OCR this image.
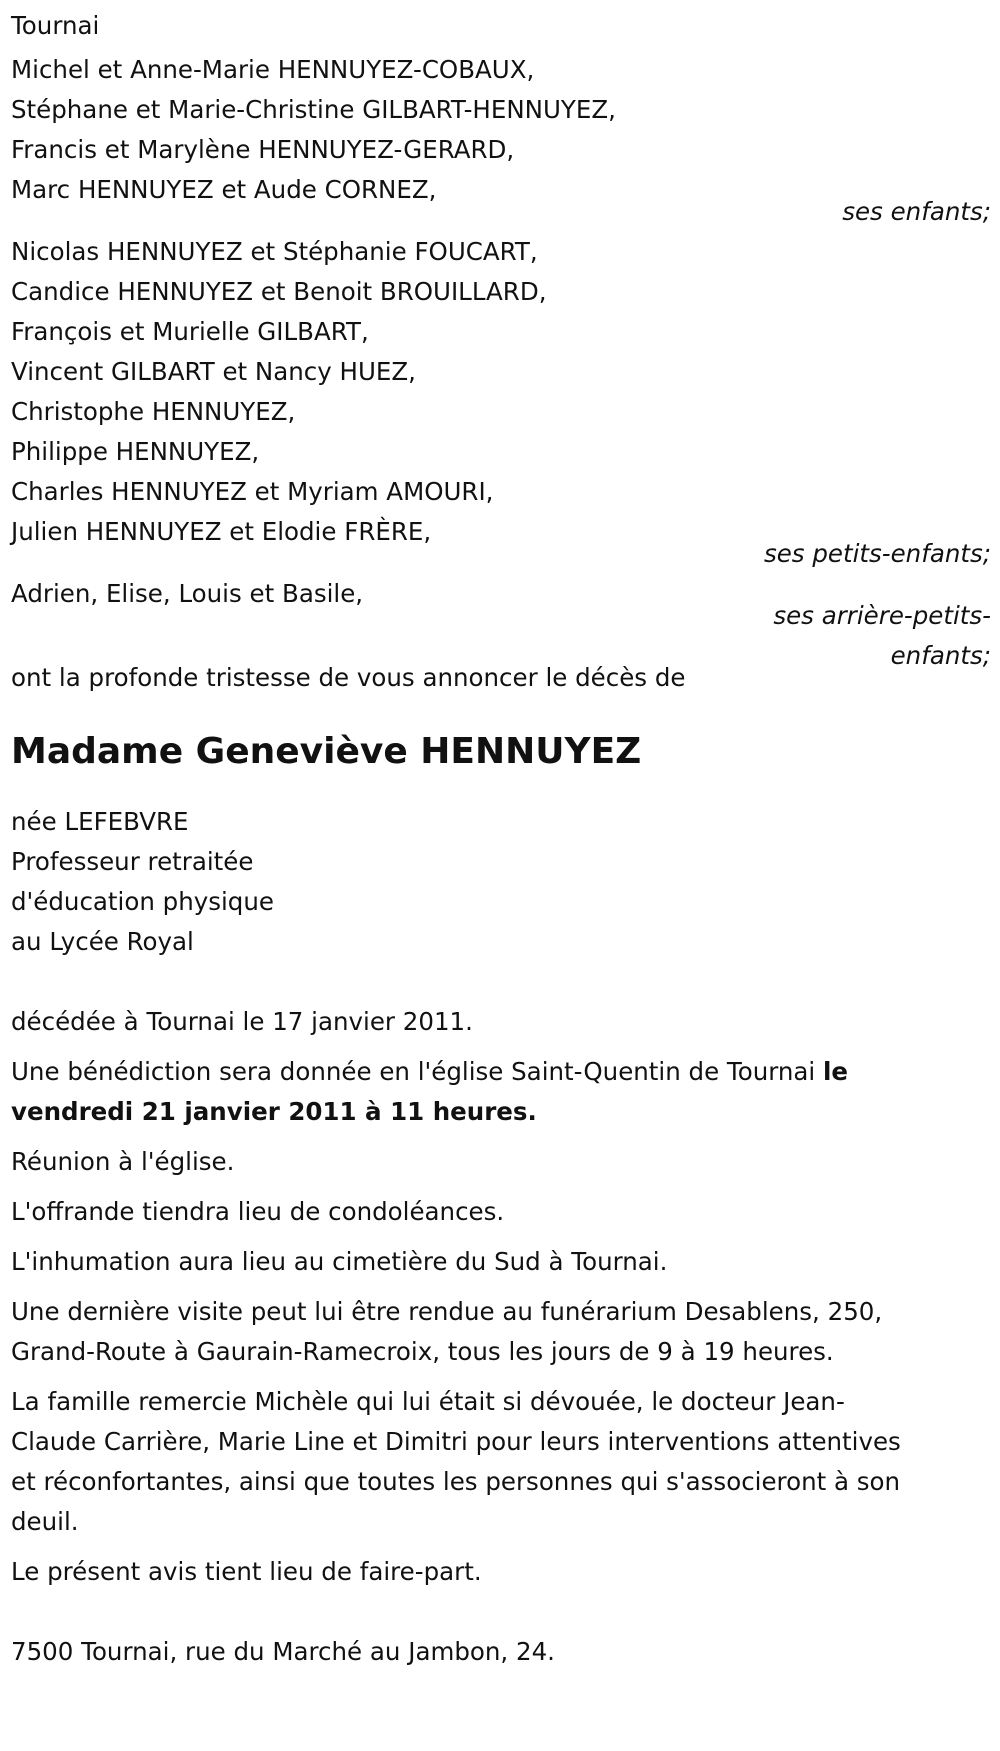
Tournai
Michel et Anne-Marie HENNUYEZ-COBAUX,
Stéphane et Marie-Christine GILBART-HENNUYEZ,
Francis et Marylène HENNUYEZ-GERARD,
Marc HENNUYEZ et Aude CORNEZ,
ses enfants;
Nicolas HENNUYEZ et Stéphanie FOUCART,
Candice HENNUYEZ et Benoit BROUILLARD,
François et Murielle GILBART,
Vincent GILBART et Nancy HUEZ,
Christophe HENNUYEZ,
Philippe HENNUYEZ,
Charles HENNUYEZ et Myriam AMOURI,
Julien HENNUYEZ et Elodie FRÈRE,
ses petits-enfants;
Adrien, Elise, Louis et Basile,
ses arrière-petits-
enfants;
ont la profonde tristesse de vous annoncer le décès de
Madame Geneviève HENNUYEZ
née LEFEBVRE
Professeur retraitée
d'éducation physique
au Lycée Royal
décédée à Tournai le 17 janvier 2011.
Une bénédiction sera donnée en l'église Saint-Quentin de Tournai le vendredi 21 janvier 2011 à 11 heures.
Réunion à l'église.
L'offrande tiendra lieu de condoléances.
L'inhumation aura lieu au cimetière du Sud à Tournai.
Une dernière visite peut lui être rendue au funérarium Desablens, 250, Grand-Route à Gaurain-Ramecroix, tous les jours de 9 à 19 heures.
La famille remercie Michèle qui lui était si dévouée, le docteur Jean-Claude Carrière, Marie Line et Dimitri pour leurs interventions attentives et réconfortantes, ainsi que toutes les personnes qui s'associeront à son deuil.
Le présent avis tient lieu de faire-part.
7500 Tournai, rue du Marché au Jambon, 24.
